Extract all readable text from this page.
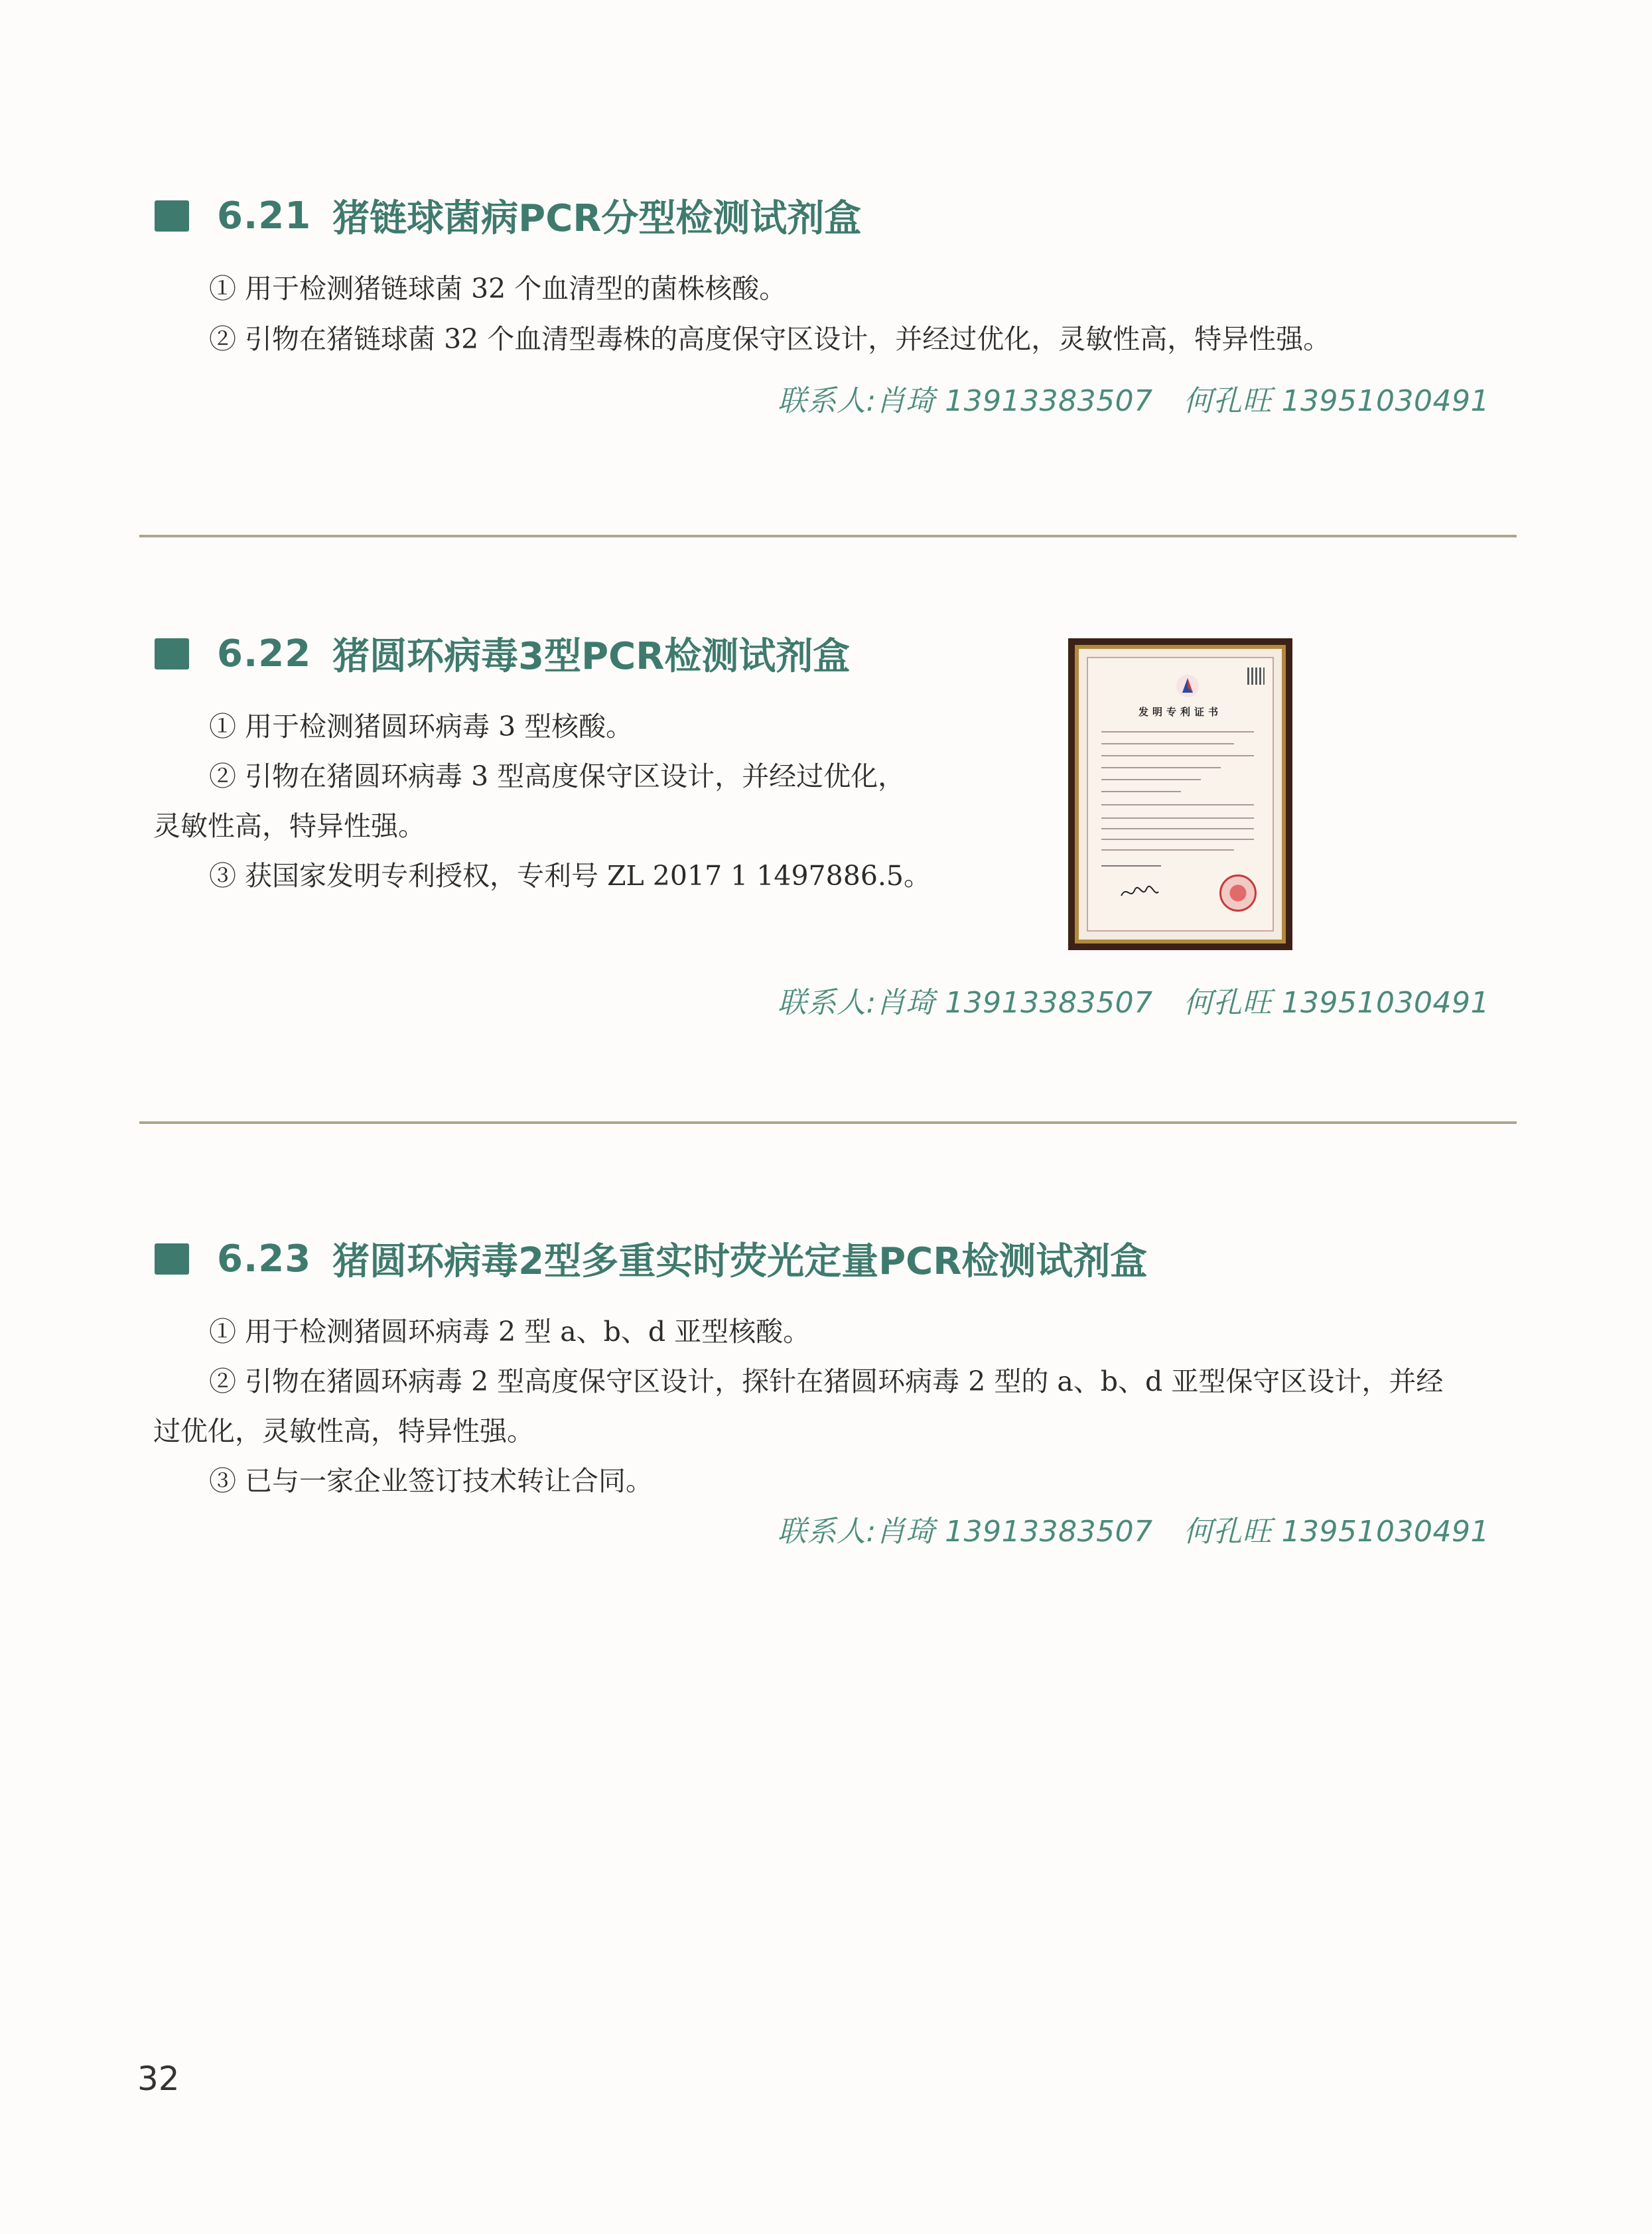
6.21 猪链球菌病PCR分型检测试剂盒
① 用于检测猪链球菌 32 个血清型的菌株核酸。
② 引物在猪链球菌 32 个血清型毒株的高度保守区设计，并经过优化，灵敏性高，特异性强。
联系人:肖琦 13913383507 何孔旺 13951030491
6.22 猪圆环病毒3型PCR检测试剂盒
① 用于检测猪圆环病毒 3 型核酸。
② 引物在猪圆环病毒 3 型高度保守区设计，并经过优化，
灵敏性高，特异性强。
③ 获国家发明专利授权，专利号 ZL 2017 1 1497886.5。
发明专利证书
联系人:肖琦 13913383507 何孔旺 13951030491
6.23 猪圆环病毒2型多重实时荧光定量PCR检测试剂盒
① 用于检测猪圆环病毒 2 型 a、b、d 亚型核酸。
② 引物在猪圆环病毒 2 型高度保守区设计，探针在猪圆环病毒 2 型的 a、b、d 亚型保守区设计，并经
过优化，灵敏性高，特异性强。
③ 已与一家企业签订技术转让合同。
联系人:肖琦 13913383507 何孔旺 13951030491
32
